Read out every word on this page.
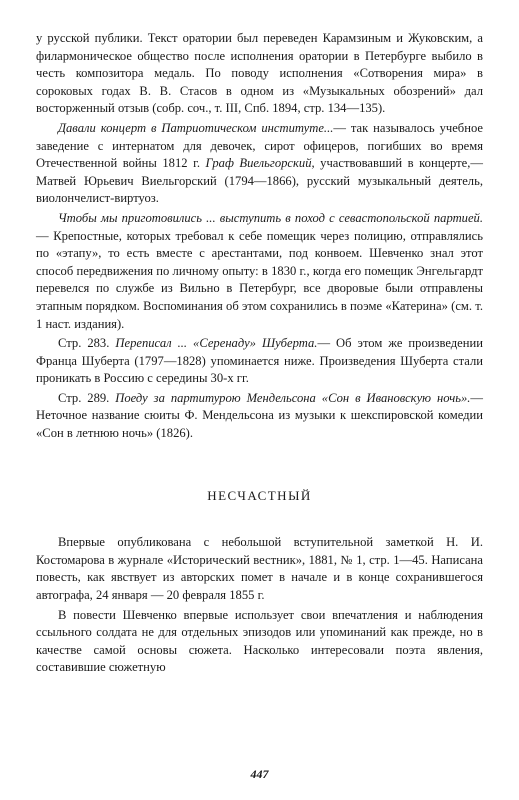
у русской публики. Текст оратории был переведен Карамзиным и Жуковским, а филармоническое общество после исполнения оратории в Петербурге выбило в честь композитора медаль. По поводу исполнения «Сотворения мира» в сороковых годах В. В. Стасов в одном из «Музыкальных обозрений» дал восторженный отзыв (собр. соч., т. III, Спб. 1894, стр. 134—135).

Давали концерт в Патриотическом институте...— так называлось учебное заведение с интернатом для девочек, сирот офицеров, погибших во время Отечественной войны 1812 г. Граф Виельгорский, участвовавший в концерте,— Матвей Юрьевич Виельгорский (1794—1866), русский музыкальный деятель, виолончелист-виртуоз.

Чтобы мы приготовились ... выступить в поход с севастопольской партией.— Крепостные, которых требовал к себе помещик через полицию, отправлялись по «этапу», то есть вместе с арестантами, под конвоем. Шевченко знал этот способ передвижения по личному опыту: в 1830 г., когда его помещик Энгельгардт перевелся по службе из Вильно в Петербург, все дворовые были отправлены этапным порядком. Воспоминания об этом сохранились в поэме «Катерина» (см. т. 1 наст. издания).

Стр. 283. Переписал ... «Серенаду» Шуберта.— Об этом же произведении Франца Шуберта (1797—1828) упоминается ниже. Произведения Шуберта стали проникать в Россию с середины 30-х гг.

Стр. 289. Поеду за партитурою Мендельсона «Сон в Ивановскую ночь».— Неточное название сюиты Ф. Мендельсона из музыки к шекспировской комедии «Сон в летнюю ночь» (1826).

НЕСЧАСТНЫЙ

Впервые опубликована с небольшой вступительной заметкой Н. И. Костомарова в журнале «Исторический вестник», 1881, № 1, стр. 1—45. Написана повесть, как явствует из авторских помет в начале и в конце сохранившегося автографа, 24 января — 20 февраля 1855 г.

В повести Шевченко впервые использует свои впечатления и наблюдения ссыльного солдата не для отдельных эпизодов или упоминаний как прежде, но в качестве самой основы сюжета. Насколько интересовали поэта явления, составившие сюжетную

447
